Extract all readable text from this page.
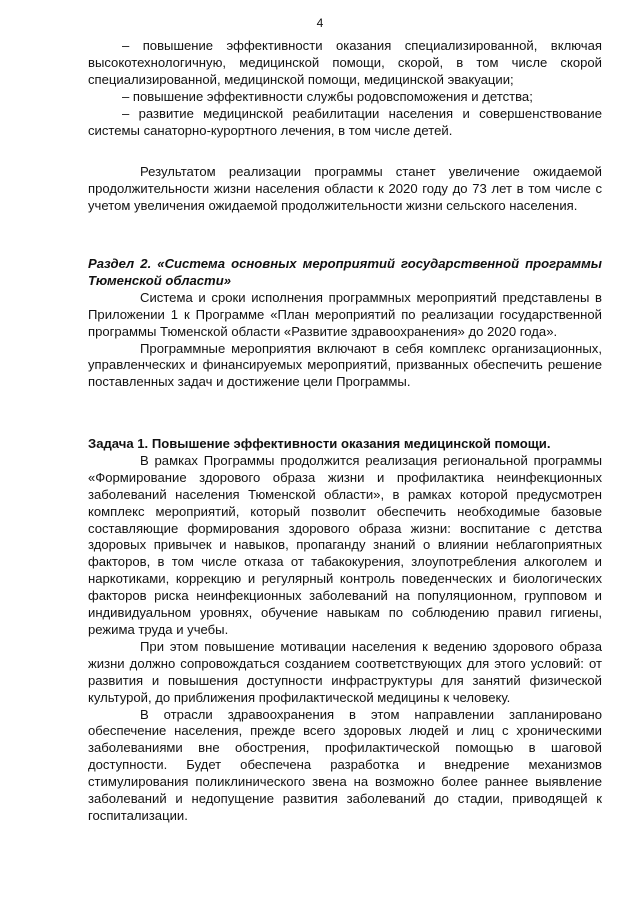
4

– повышение эффективности оказания специализированной, включая высокотехнологичную, медицинской помощи, скорой, в том числе скорой специализированной, медицинской помощи, медицинской эвакуации;

– повышение эффективности службы родовспоможения и детства;

– развитие медицинской реабилитации населения и совершенствование системы санаторно-курортного лечения, в том числе детей.

Результатом реализации программы станет увеличение ожидаемой продолжительности жизни населения области к 2020 году до 73 лет в том числе с учетом увеличения ожидаемой продолжительности жизни сельского населения.

Раздел 2. «Система основных мероприятий государственной программы Тюменской области»

Система и сроки исполнения программных мероприятий представлены в Приложении 1 к Программе «План мероприятий по реализации государственной программы Тюменской области «Развитие здравоохранения» до 2020 года».

Программные мероприятия включают в себя комплекс организационных, управленческих и финансируемых мероприятий, призванных обеспечить решение поставленных задач и достижение цели Программы.

Задача 1. Повышение эффективности оказания медицинской помощи.

В рамках Программы продолжится реализация региональной программы «Формирование здорового образа жизни и профилактика неинфекционных заболеваний населения Тюменской области», в рамках которой предусмотрен комплекс мероприятий, который позволит обеспечить необходимые базовые составляющие формирования здорового образа жизни: воспитание с детства здоровых привычек и навыков, пропаганду знаний о влиянии неблагоприятных факторов, в том числе отказа от табакокурения, злоупотребления алкоголем и наркотиками, коррекцию и регулярный контроль поведенческих и биологических факторов риска неинфекционных заболеваний на популяционном, групповом и индивидуальном уровнях, обучение навыкам по соблюдению правил гигиены, режима труда и учебы.

При этом повышение мотивации населения к ведению здорового образа жизни должно сопровождаться созданием соответствующих для этого условий: от развития и повышения доступности инфраструктуры для занятий физической культурой, до приближения профилактической медицины к человеку.

В отрасли здравоохранения в этом направлении запланировано обеспечение населения, прежде всего здоровых людей и лиц с хроническими заболеваниями вне обострения, профилактической помощью в шаговой доступности. Будет обеспечена разработка и внедрение механизмов стимулирования поликлинического звена на возможно более раннее выявление заболеваний и недопущение развития заболеваний до стадии, приводящей к госпитализации.
